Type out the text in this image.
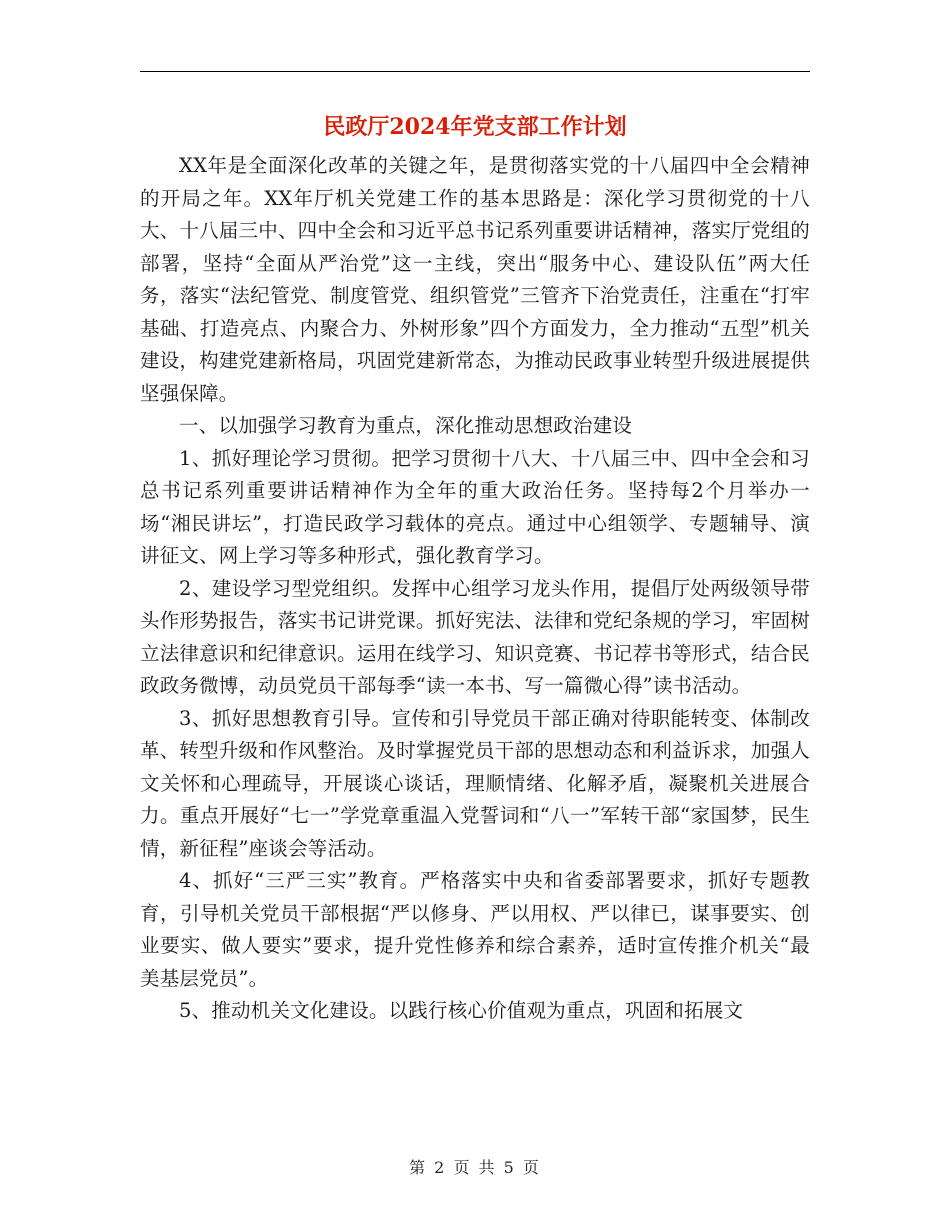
民政厅2024年党支部工作计划

XX年是全面深化改革的关键之年，是贯彻落实党的十八届四中全会精神的开局之年。XX年厅机关党建工作的基本思路是：深化学习贯彻党的十八大、十八届三中、四中全会和习近平总书记系列重要讲话精神，落实厅党组的部署，坚持“全面从严治党”这一主线，突出“服务中心、建设队伍”两大任务，落实“法纪管党、制度管党、组织管党”三管齐下治党责任，注重在“打牢基础、打造亮点、内聚合力、外树形象”四个方面发力，全力推动“五型”机关建设，构建党建新格局，巩固党建新常态，为推动民政事业转型升级进展提供坚强保障。

一、以加强学习教育为重点，深化推动思想政治建设

1、抓好理论学习贯彻。把学习贯彻十八大、十八届三中、四中全会和习总书记系列重要讲话精神作为全年的重大政治任务。坚持每2个月举办一场“湘民讲坛”，打造民政学习载体的亮点。通过中心组领学、专题辅导、演讲征文、网上学习等多种形式，强化教育学习。

2、建设学习型党组织。发挥中心组学习龙头作用，提倡厅处两级领导带头作形势报告，落实书记讲党课。抓好宪法、法律和党纪条规的学习，牢固树立法律意识和纪律意识。运用在线学习、知识竞赛、书记荐书等形式，结合民政政务微博，动员党员干部每季“读一本书、写一篇微心得”读书活动。

3、抓好思想教育引导。宣传和引导党员干部正确对待职能转变、体制改革、转型升级和作风整治。及时掌握党员干部的思想动态和利益诉求，加强人文关怀和心理疏导，开展谈心谈话，理顺情绪、化解矛盾，凝聚机关进展合力。重点开展好“七一”学党章重温入党誓词和“八一”军转干部“家国梦，民生情，新征程”座谈会等活动。

4、抓好“三严三实”教育。严格落实中央和省委部署要求，抓好专题教育，引导机关党员干部根据“严以修身、严以用权、严以律已，谋事要实、创业要实、做人要实”要求，提升党性修养和综合素养，适时宣传推介机关“最美基层党员”。

5、推动机关文化建设。以践行核心价值观为重点，巩固和拓展文

第 2 页 共 5 页
